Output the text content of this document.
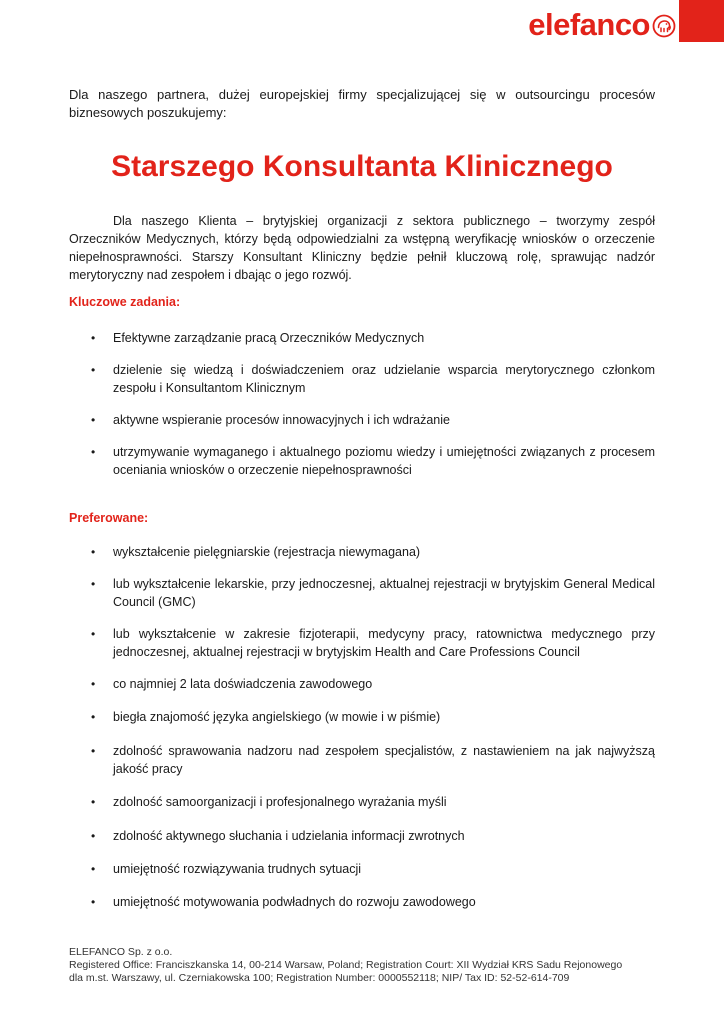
elefanco

Dla naszego partnera, dużej europejskiej firmy specjalizującej się w outsourcingu procesów biznesowych poszukujemy:

Starszego Konsultanta Klinicznego

Dla naszego Klienta – brytyjskiej organizacji z sektora publicznego – tworzymy zespół Orzeczników Medycznych, którzy będą odpowiedzialni za wstępną weryfikację wniosków o orzeczenie niepełnosprawności. Starszy Konsultant Kliniczny będzie pełnił kluczową rolę, sprawując nadzór merytoryczny nad zespołem i dbając o jego rozwój.

Kluczowe zadania:
• Efektywne zarządzanie pracą Orzeczników Medycznych
• dzielenie się wiedzą i doświadczeniem oraz udzielanie wsparcia merytorycznego członkom zespołu i Konsultantom Klinicznym
• aktywne wspieranie procesów innowacyjnych i ich wdrażanie
• utrzymywanie wymaganego i aktualnego poziomu wiedzy i umiejętności związanych z procesem oceniania wniosków o orzeczenie niepełnosprawności
Preferowane:
• wykształcenie pielęgniarskie (rejestracja niewymagana)
• lub wykształcenie lekarskie, przy jednoczesnej, aktualnej rejestracji w brytyjskim General Medical Council (GMC)
• lub wykształcenie w zakresie fizjoterapii, medycyny pracy, ratownictwa medycznego przy jednoczesnej, aktualnej rejestracji w brytyjskim Health and Care Professions Council
• co najmniej 2 lata doświadczenia zawodowego
• biegła znajomość języka angielskiego (w mowie i w piśmie)
• zdolność sprawowania nadzoru nad zespołem specjalistów, z nastawieniem na jak najwyższą jakość pracy
• zdolność samoorganizacji i profesjonalnego wyrażania myśli
• zdolność aktywnego słuchania i udzielania informacji zwrotnych
• umiejętność rozwiązywania trudnych sytuacji
• umiejętność motywowania podwładnych do rozwoju zawodowego
ELEFANCO Sp. z o.o.
Registered Office: Franciszkanska 14, 00-214 Warsaw, Poland; Registration Court: XII Wydział KRS Sadu Rejonowego
dla m.st. Warszawy, ul. Czerniakowska 100; Registration Number: 0000552118; NIP/ Tax ID: 52-52-614-709
